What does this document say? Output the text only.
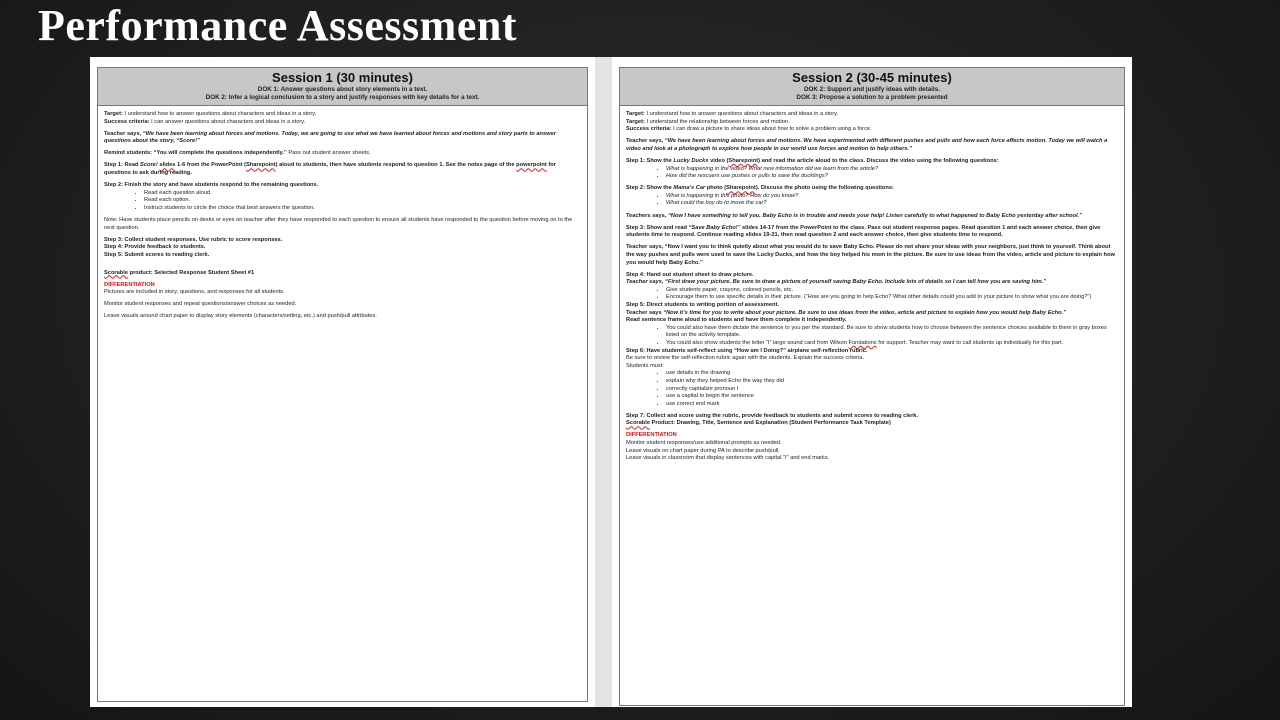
Performance Assessment
Session 1 (30 minutes)
DOK 1: Answer questions about story elements in a text.
DOK 2: Infer a logical conclusion to a story and justify responses with key details for a text.

Target: I understand how to answer questions about characters and ideas in a story.

Success criteria: I can answer questions about characters and ideas in a story.

Teacher says, “We have been learning about forces and motions. Today, we are going to use what we have learned about forces and motions and story parts to answer questions about the story, “Score!”

Remind students: “You will complete the questions independently.” Pass out student answer sheets.

Step 1: Read Score! slides 1-6 from the PowerPoint (Sharepoint) aloud to students, then have students respond to question 1. See the notes page of the powerpoint for questions to ask during reading.

Step 2: Finish the story and have students respond to the remaining questions.

• Read each question aloud.
• Read each option.
• Instruct students to circle the choice that best answers the question.

Note: Have students place pencils on desks or eyes on teacher after they have responded to each question to ensure all students have responded to the question before moving on to the next question.

Step 3: Collect student responses. Use rubric to score responses.

Step 4: Provide feedback to students.

Step 5: Submit scores to reading clerk.

Scorable product: Selected Response Student Sheet #1

DIFFERENTIATION

Pictures are included in story, questions, and responses for all students.

Monitor student responses and repeat questions/answer choices as needed.

Leave visuals around chart paper to display story elements (characters/setting, etc.) and push/pull attributes.

Session 2 (30-45 minutes)
DOK 2: Support and justify ideas with details.
DOK 3: Propose a solution to a problem presented

Target: I understand how to answer questions about characters and ideas in a story.

Target: I understand the relationship between forces and motion.

Success criteria: I can draw a picture to share ideas about how to solve a problem using a force.

Teacher says, “We have been learning about forces and motions. We have experimented with different pushes and pulls and how each force affects motion. Today we will watch a video and look at a photograph to explore how people in our world use forces and motion to help others.”

Step 1: Show the Lucky Ducks video (Sharepoint) and read the article aloud to the class. Discuss the video using the following questions:

• What is happening in the video? What new information did we learn from the article?
• How did the rescuers use pushes or pulls to save the ducklings?

Step 2: Show the Mama’s Car photo (Sharepoint). Discuss the photo using the following questions:

• What is happening in this photo? How do you know?
• What could the boy do to move the car?

Teachers says, “Now I have something to tell you, Baby Echo is in trouble and needs your help! Listen carefully to what happened to Baby Echo yesterday after school.”

Step 3: Show and read “Save Baby Echo!” slides 14-17 from the PowerPoint to the class. Pass out student response pages. Read question 1 and each answer choice, then give students time to respond. Continue reading slides 19-21, then read question 2 and each answer choice, then give students time to respond.

Teacher says, “Now I want you to think quietly about what you would do to save Baby Echo. Please do not share your ideas with your neighbors, just think to yourself. Think about the way pushes and pulls were used to save the Lucky Ducks, and how the boy helped his mom in the picture. Be sure to use ideas from the video, article and picture to explain how you would help Baby Echo.”

Step 4: Hand out student sheet to draw picture.

Teacher says, “First draw your picture. Be sure to draw a picture of yourself saving Baby Echo. Include lots of details so I can tell how you are saving him.”

• Give students paper, crayons, colored pencils, etc.
• Encourage them to use specific details in their picture. (“How are you going to help Echo? What other details could you add to your picture to show what you are doing?”)

Step 5: Direct students to writing portion of assessment.

Teacher says “Now it’s time for you to write about your picture. Be sure to use ideas from the video, article and picture to explain how you would help Baby Echo.”

Read sentence frame aloud to students and have them complete it independently.

• You could also have them dictate the sentence to you per the standard. Be sure to show students how to choose between the sentence choices available to them in gray boxes listed on the activity template.
• You could also show students the letter “I” large sound card from Wilson Fundations for support. Teacher may want to call students up individually for this part.

Step 6: Have students self-reflect using “How am I Doing?” airplane self-reflection rubric.

Be sure to review the self-reflection rubric again with the students. Explain the success criteria.

Students must:

• use details in the drawing
• explain why they helped Echo the way they did
• correctly capitalize pronoun I
• use a capital to begin the sentence
• use correct end mark

Step 7: Collect and score using the rubric, provide feedback to students and submit scores to reading clerk.

Scorable Product: Drawing, Title, Sentence and Explanation (Student Performance Task Template)

DIFFERENTIATION

Monitor student responses/use additional prompts as needed.

Leave visuals on chart paper during PA to describe push/pull.

Leave visuals in classroom that display sentences with capital “I” and end marks.
